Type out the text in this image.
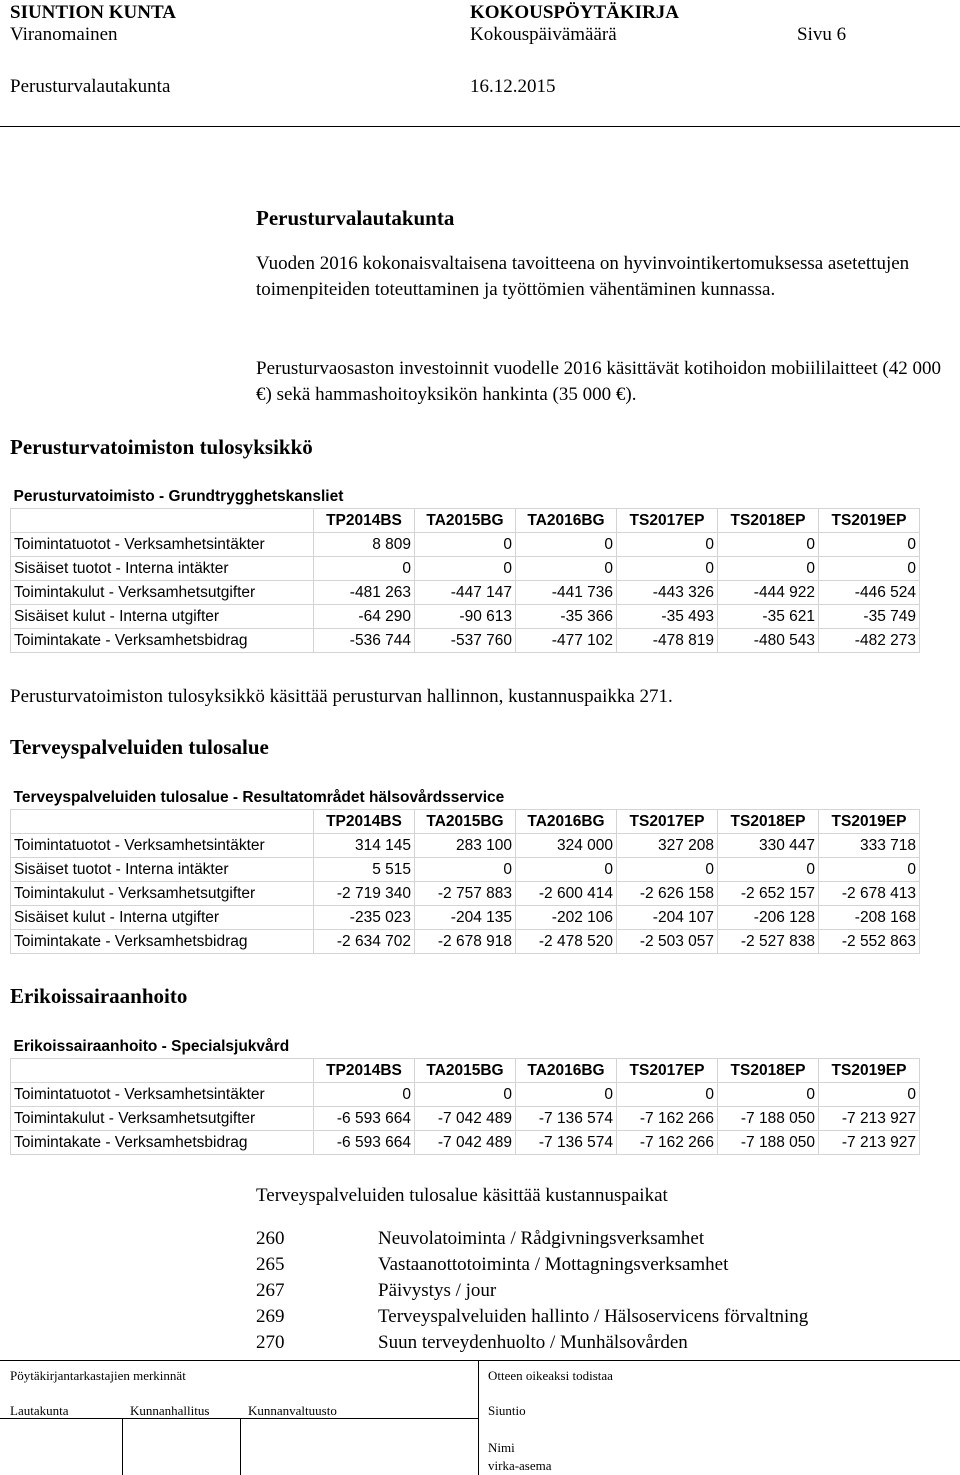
SIUNTION KUNTA	KOKOUSPÖYTÄKIRJA
Viranomainen	Kokouspäivämäärä	Sivu 6
Perusturvalautakunta	16.12.2015
Perusturvalautakunta
Vuoden 2016 kokonaisvaltaisena tavoitteena on hyvinvointikertomuksessa asetettujen toimenpiteiden toteuttaminen ja työttömien vähentäminen kunnassa.
Perusturvaosaston investoinnit vuodelle 2016 käsittävät kotihoidon mobiililaitteet (42 000 €) sekä hammashoitoyksikön hankinta (35 000 €).
Perusturvatoimiston tulosyksikkö
Perusturvatoimisto - Grundtrygghetskansliet						
	TP2014BS	TA2015BG	TA2016BG	TS2017EP	TS2018EP	TS2019EP
Toimintatuotot - Verksamhetsintäkter	8 809	0	0	0	0	0
Sisäiset tuotot - Interna intäkter	0	0	0	0	0	0
Toimintakulut - Verksamhetsutgifter	-481 263	-447 147	-441 736	-443 326	-444 922	-446 524
Sisäiset kulut - Interna utgifter	-64 290	-90 613	-35 366	-35 493	-35 621	-35 749
Toimintakate - Verksamhetsbidrag	-536 744	-537 760	-477 102	-478 819	-480 543	-482 273
Perusturvatoimiston tulosyksikkö käsittää perusturvan hallinnon, kustannuspaikka 271.
Terveyspalveluiden tulosalue
Terveyspalveluiden tulosalue - Resultatområdet hälsovårdsservice						
	TP2014BS	TA2015BG	TA2016BG	TS2017EP	TS2018EP	TS2019EP
Toimintatuotot - Verksamhetsintäkter	314 145	283 100	324 000	327 208	330 447	333 718
Sisäiset tuotot - Interna intäkter	5 515	0	0	0	0	0
Toimintakulut - Verksamhetsutgifter	-2 719 340	-2 757 883	-2 600 414	-2 626 158	-2 652 157	-2 678 413
Sisäiset kulut - Interna utgifter	-235 023	-204 135	-202 106	-204 107	-206 128	-208 168
Toimintakate - Verksamhetsbidrag	-2 634 702	-2 678 918	-2 478 520	-2 503 057	-2 527 838	-2 552 863
Erikoissairaanhoito
Erikoissairaanhoito - Specialsjukvård						
	TP2014BS	TA2015BG	TA2016BG	TS2017EP	TS2018EP	TS2019EP
Toimintatuotot - Verksamhetsintäkter	0	0	0	0	0	0
Toimintakulut - Verksamhetsutgifter	-6 593 664	-7 042 489	-7 136 574	-7 162 266	-7 188 050	-7 213 927
Toimintakate - Verksamhetsbidrag	-6 593 664	-7 042 489	-7 136 574	-7 162 266	-7 188 050	-7 213 927
Terveyspalveluiden tulosalue käsittää kustannuspaikat
260	Neuvolatoiminta / Rådgivningsverksamhet
265	Vastaanottotoiminta / Mottagningsverksamhet
267	Päivystys / jour
269	Terveyspalveluiden hallinto / Hälsoservicens förvaltning
270	Suun terveydenhuolto / Munhälsovården
Pöytäkirjantarkastajien merkinnät	Otteen oikeaksi todistaa
Lautakunta	Kunnanhallitus	Kunnanvaltuusto	Siuntio
Nimi
virka-asema
